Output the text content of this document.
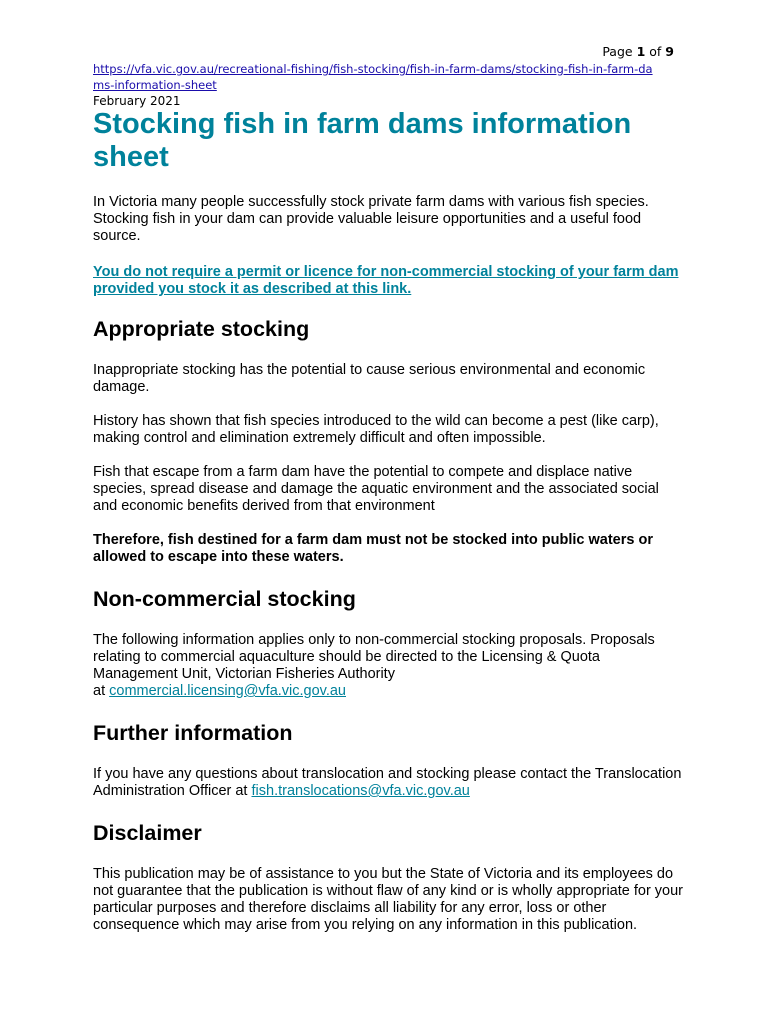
Page 1 of 9
https://vfa.vic.gov.au/recreational-fishing/fish-stocking/fish-in-farm-dams/stocking-fish-in-farm-dams-information-sheet
February 2021
Stocking fish in farm dams information sheet

In Victoria many people successfully stock private farm dams with various fish species. Stocking fish in your dam can provide valuable leisure opportunities and a useful food source.

You do not require a permit or licence for non-commercial stocking of your farm dam provided you stock it as described at this link.
Appropriate stocking

Inappropriate stocking has the potential to cause serious environmental and economic damage.

History has shown that fish species introduced to the wild can become a pest (like carp), making control and elimination extremely difficult and often impossible.

Fish that escape from a farm dam have the potential to compete and displace native species, spread disease and damage the aquatic environment and the associated social and economic benefits derived from that environment

Therefore, fish destined for a farm dam must not be stocked into public waters or allowed to escape into these waters.

Non-commercial stocking

The following information applies only to non-commercial stocking proposals. Proposals relating to commercial aquaculture should be directed to the Licensing & Quota Management Unit, Victorian Fisheries Authority
at commercial.licensing@vfa.vic.gov.au

Further information

If you have any questions about translocation and stocking please contact the Translocation Administration Officer at fish.translocations@vfa.vic.gov.au

Disclaimer

This publication may be of assistance to you but the State of Victoria and its employees do not guarantee that the publication is without flaw of any kind or is wholly appropriate for your particular purposes and therefore disclaims all liability for any error, loss or other consequence which may arise from you relying on any information in this publication.
